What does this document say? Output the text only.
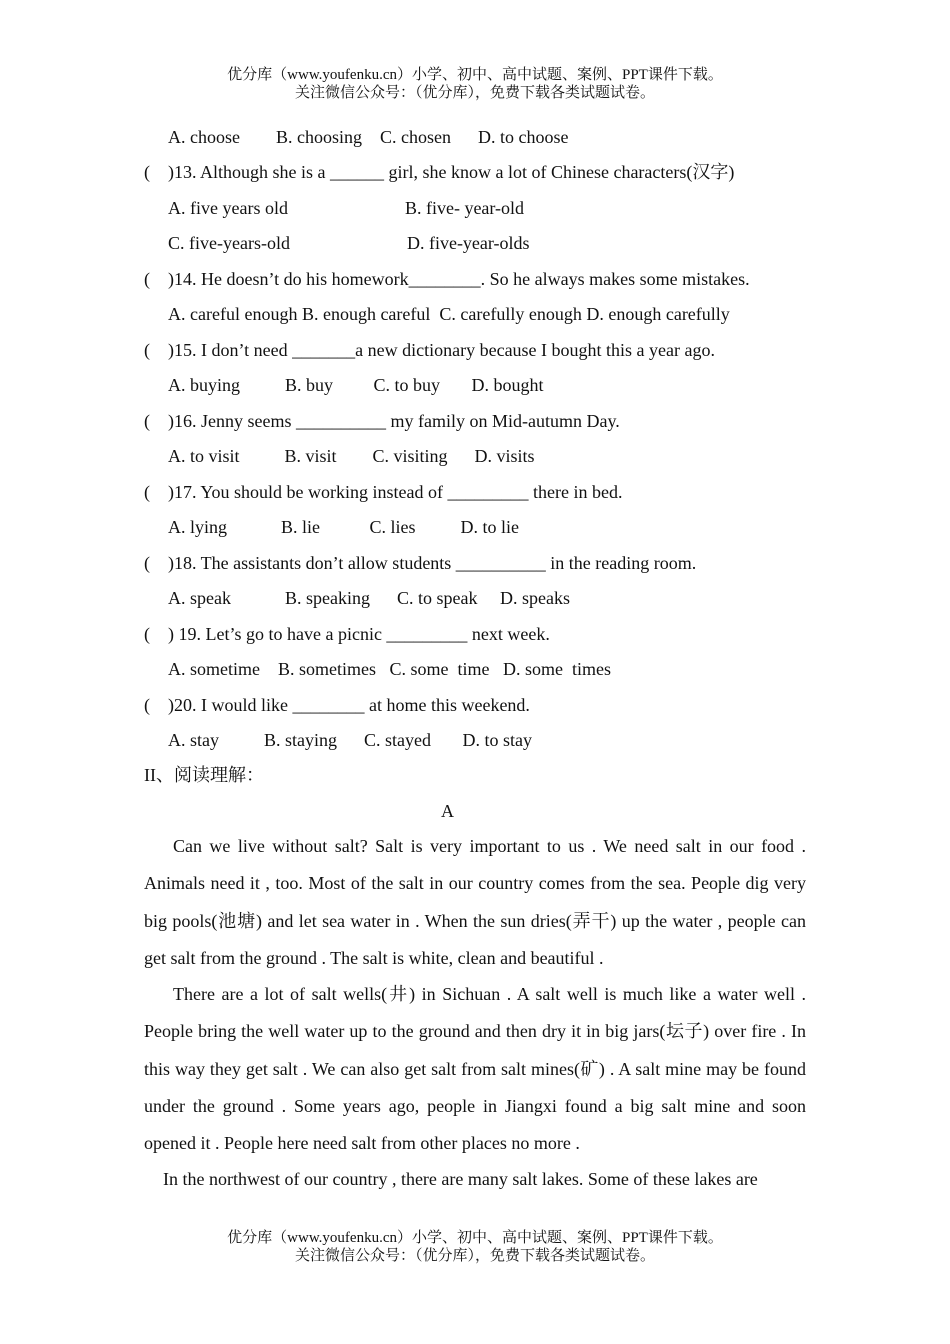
优分库（www.youfenku.cn）小学、初中、高中试题、案例、PPT课件下载。
关注微信公众号：（优分库），免费下载各类试题试卷。
A. choose        B. choosing    C. chosen      D. to choose
(    )13. Although she is a ______ girl, she know a lot of Chinese characters(汉字)
A. five years old                          B. five- year-old
C. five-years-old                          D. five-year-olds
(    )14. He doesn’t do his homework________. So he always makes some mistakes.
A. careful enough B. enough careful  C. carefully enough D. enough carefully
(    )15. I don’t need _______a new dictionary because I bought this a year ago.
A. buying          B. buy         C. to buy       D. bought
(    )16. Jenny seems __________ my family on Mid-autumn Day.
A. to visit          B. visit        C. visiting      D. visits
(    )17. You should be working instead of _________ there in bed.
A. lying            B. lie           C. lies          D. to lie
(    )18. The assistants don’t allow students __________ in the reading room.
A. speak            B. speaking      C. to speak     D. speaks
(    ) 19. Let’s go to have a picnic _________ next week.
A. sometime    B. sometimes   C. some  time   D. some  times
(    )20. I would like ________ at home this weekend.
A. stay          B. staying      C. stayed       D. to stay
II、阅读理解：
A
Can we live without salt? Salt is very important to us . We need salt in our food . Animals need it , too. Most of the salt in our country comes from the sea. People dig very big pools(池塘) and let sea water in . When the sun dries(弄干) up the water , people can get salt from the ground . The salt is white, clean and beautiful .
There are a lot of salt wells(井) in Sichuan . A salt well is much like a water well . People bring the well water up to the ground and then dry it in big jars(坛子) over fire . In this way they get salt . We can also get salt from salt mines(矿) . A salt mine may be found under the ground . Some years ago, people in Jiangxi found a big salt mine and soon opened it . People here need salt from other places no more .
In the northwest of our country , there are many salt lakes. Some of these lakes are
优分库（www.youfenku.cn）小学、初中、高中试题、案例、PPT课件下载。
关注微信公众号：（优分库），免费下载各类试题试卷。
